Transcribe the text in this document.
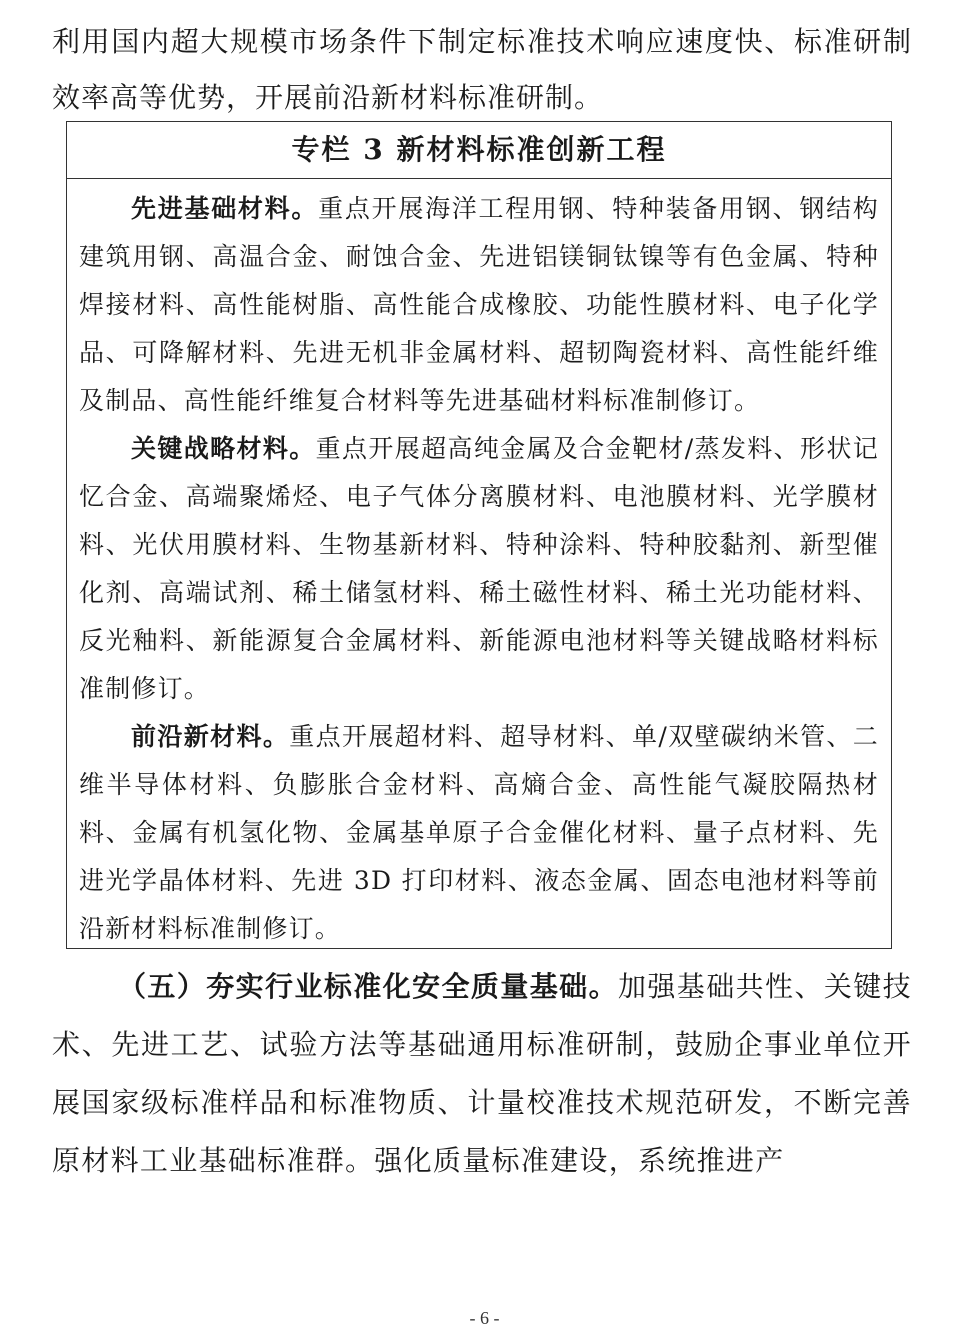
利用国内超大规模市场条件下制定标准技术响应速度快、标准研制效率高等优势，开展前沿新材料标准研制。

专栏 3 新材料标准创新工程

先进基础材料。重点开展海洋工程用钢、特种装备用钢、钢结构建筑用钢、高温合金、耐蚀合金、先进铝镁铜钛镍等有色金属、特种焊接材料、高性能树脂、高性能合成橡胶、功能性膜材料、电子化学品、可降解材料、先进无机非金属材料、超韧陶瓷材料、高性能纤维及制品、高性能纤维复合材料等先进基础材料标准制修订。

关键战略材料。重点开展超高纯金属及合金靶材/蒸发料、形状记忆合金、高端聚烯烃、电子气体分离膜材料、电池膜材料、光学膜材料、光伏用膜材料、生物基新材料、特种涂料、特种胶黏剂、新型催化剂、高端试剂、稀土储氢材料、稀土磁性材料、稀土光功能材料、反光釉料、新能源复合金属材料、新能源电池材料等关键战略材料标准制修订。

前沿新材料。重点开展超材料、超导材料、单/双壁碳纳米管、二维半导体材料、负膨胀合金材料、高熵合金、高性能气凝胶隔热材料、金属有机氢化物、金属基单原子合金催化材料、量子点材料、先进光学晶体材料、先进 3D 打印材料、液态金属、固态电池材料等前沿新材料标准制修订。

（五）夯实行业标准化安全质量基础。加强基础共性、关键技术、先进工艺、试验方法等基础通用标准研制，鼓励企事业单位开展国家级标准样品和标准物质、计量校准技术规范研发，不断完善原材料工业基础标准群。强化质量标准建设，系统推进产

- 6 -
